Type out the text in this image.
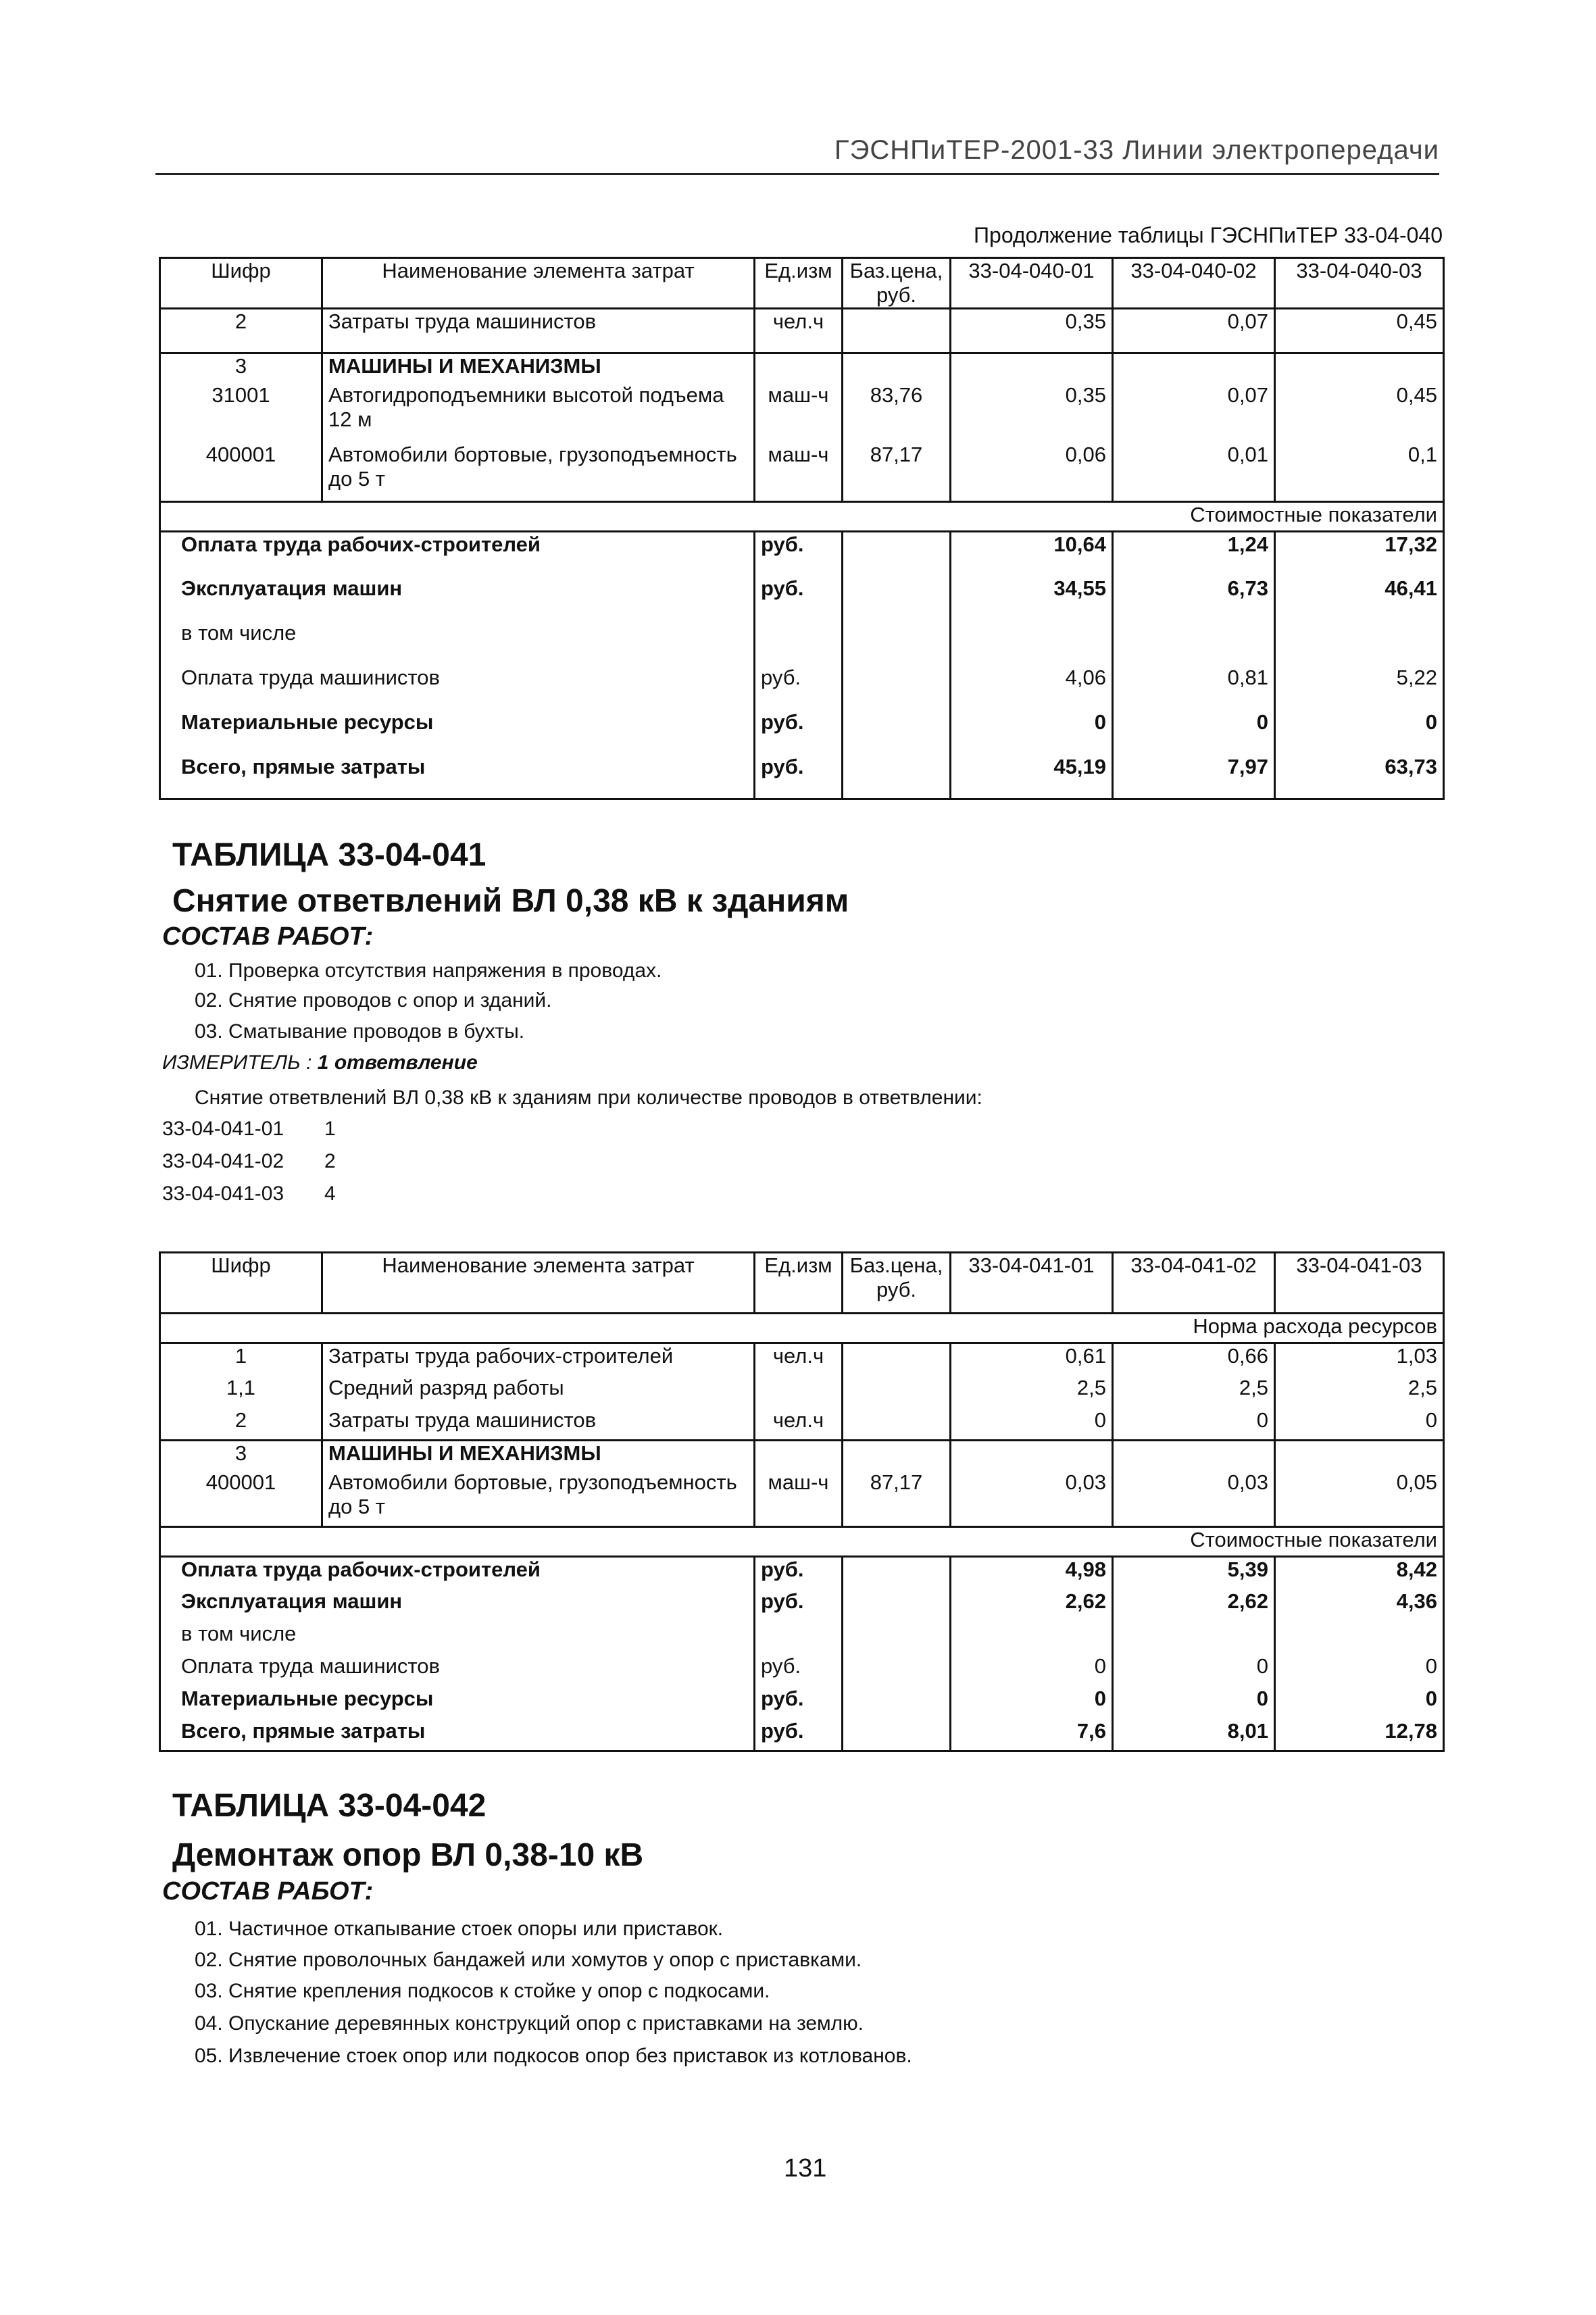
ГЭСНПиТЕР-2001-33 Линии электропередачи
Продолжение таблицы ГЭСНПиТЕР 33-04-040
Шифр	Наименование элемента затрат	Ед.изм	Баз.цена, руб.	33-04-040-01	33-04-040-02	33-04-040-03
2	Затраты труда машинистов	чел.ч		0,35	0,07	0,45
3	МАШИНЫ И МЕХАНИЗМЫ					
31001	Автогидроподъемники высотой подъема 12 м	маш-ч	83,76	0,35	0,07	0,45
400001	Автомобили бортовые, грузоподъемность до 5 т	маш-ч	87,17	0,06	0,01	0,1
Стоимостные показатели						
Оплата труда рабочих-строителей		руб.		10,64	1,24	17,32
Эксплуатация машин		руб.		34,55	6,73	46,41
в том числе						
Оплата труда машинистов		руб.		4,06	0,81	5,22
Материальные ресурсы		руб.		0	0	0
Всего, прямые затраты		руб.		45,19	7,97	63,73
ТАБЛИЦА 33-04-041
Снятие ответвлений ВЛ 0,38 кВ к зданиям
СОСТАВ РАБОТ:
01. Проверка отсутствия напряжения в проводах.
02. Снятие проводов с опор и зданий.
03. Сматывание проводов в бухты.
ИЗМЕРИТЕЛЬ : 1 ответвление
Снятие ответвлений ВЛ 0,38 кВ к зданиям при количестве проводов в ответвлении:
33-04-041-01 1
33-04-041-02 2
33-04-041-03 4
Шифр	Наименование элемента затрат	Ед.изм	Баз.цена, руб.	33-04-041-01	33-04-041-02	33-04-041-03
Норма расхода ресурсов						
1	Затраты труда рабочих-строителей	чел.ч		0,61	0,66	1,03
1,1	Средний разряд работы			2,5	2,5	2,5
2	Затраты труда машинистов	чел.ч		0	0	0
3	МАШИНЫ И МЕХАНИЗМЫ					
400001	Автомобили бортовые, грузоподъемность до 5 т	маш-ч	87,17	0,03	0,03	0,05
Стоимостные показатели						
Оплата труда рабочих-строителей		руб.		4,98	5,39	8,42
Эксплуатация машин		руб.		2,62	2,62	4,36
в том числе						
Оплата труда машинистов		руб.		0	0	0
Материальные ресурсы		руб.		0	0	0
Всего, прямые затраты		руб.		7,6	8,01	12,78
ТАБЛИЦА 33-04-042
Демонтаж опор ВЛ 0,38-10 кВ
СОСТАВ РАБОТ:
01. Частичное откапывание стоек опоры или приставок.
02. Снятие проволочных бандажей или хомутов у опор с приставками.
03. Снятие крепления подкосов к стойке у опор с подкосами.
04. Опускание деревянных конструкций опор с приставками на землю.
05. Извлечение стоек опор или подкосов опор без приставок из котлованов.
131
